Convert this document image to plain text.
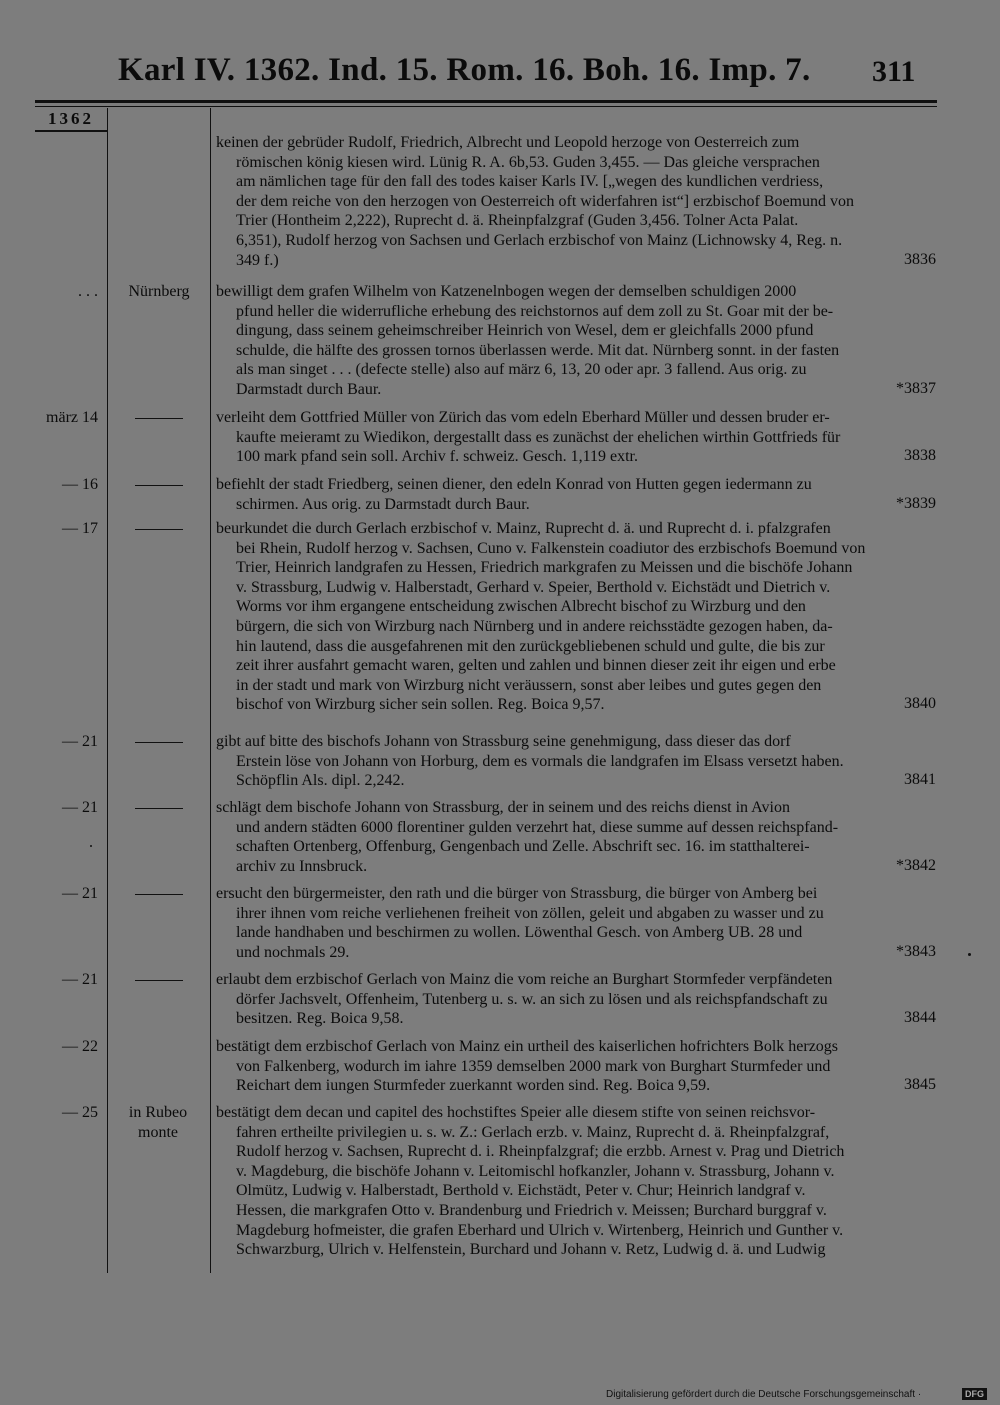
Karl IV. 1362. Ind. 15. Rom. 16. Boh. 16. Imp. 7. 311
1362
keinen der gebrüder Rudolf, Friedrich, Albrecht und Leopold herzoge von Oesterreich zum
römischen könig kiesen wird. Lünig R. A. 6b,53. Guden 3,455. — Das gleiche versprachen
am nämlichen tage für den fall des todes kaiser Karls IV. [„wegen des kundlichen verdriess,
der dem reiche von den herzogen von Oesterreich oft widerfahren ist“] erzbischof Boemund von
Trier (Hontheim 2,222), Ruprecht d. ä. Rheinpfalzgraf (Guden 3,456. Tolner Acta Palat.
6,351), Rudolf herzog von Sachsen und Gerlach erzbischof von Mainz (Lichnowsky 4, Reg. n.
349 f.)	3836
. . .	Nürnberg	bewilligt dem grafen Wilhelm von Katzenelnbogen wegen der demselben schuldigen 2000
pfund heller die widerrufliche erhebung des reichstornos auf dem zoll zu St. Goar mit der be-
dingung, dass seinem geheimschreiber Heinrich von Wesel, dem er gleichfalls 2000 pfund
schulde, die hälfte des grossen tornos überlassen werde. Mit dat. Nürnberg sonnt. in der fasten
als man singet . . . (defecte stelle) also auf märz 6, 13, 20 oder apr. 3 fallend. Aus orig. zu
Darmstadt durch Baur.	*3837
märz 14	verleiht dem Gottfried Müller von Zürich das vom edeln Eberhard Müller und dessen bruder er-
kaufte meieramt zu Wiedikon, dergestallt dass es zunächst der ehelichen wirthin Gottfrieds für
100 mark pfand sein soll. Archiv f. schweiz. Gesch. 1,119 extr.	3838
— 16	befiehlt der stadt Friedberg, seinen diener, den edeln Konrad von Hutten gegen iedermann zu
schirmen. Aus orig. zu Darmstadt durch Baur.	*3839
— 17	beurkundet die durch Gerlach erzbischof v. Mainz, Ruprecht d. ä. und Ruprecht d. i. pfalzgrafen
bei Rhein, Rudolf herzog v. Sachsen, Cuno v. Falkenstein coadiutor des erzbischofs Boemund von
Trier, Heinrich landgrafen zu Hessen, Friedrich markgrafen zu Meissen und die bischöfe Johann
v. Strassburg, Ludwig v. Halberstadt, Gerhard v. Speier, Berthold v. Eichstädt und Dietrich v.
Worms vor ihm ergangene entscheidung zwischen Albrecht bischof zu Wirzburg und den
bürgern, die sich von Wirzburg nach Nürnberg und in andere reichsstädte gezogen haben, da-
hin lautend, dass die ausgefahrenen mit den zurückgebliebenen schuld und gulte, die bis zur
zeit ihrer ausfahrt gemacht waren, gelten und zahlen und binnen dieser zeit ihr eigen und erbe
in der stadt und mark von Wirzburg nicht veräussern, sonst aber leibes und gutes gegen den
bischof von Wirzburg sicher sein sollen. Reg. Boica 9,57.	3840
— 21	gibt auf bitte des bischofs Johann von Strassburg seine genehmigung, dass dieser das dorf
Erstein löse von Johann von Horburg, dem es vormals die landgrafen im Elsass versetzt haben.
Schöpflin Als. dipl. 2,242.	3841
— 21	schlägt dem bischofe Johann von Strassburg, der in seinem und des reichs dienst in Avion
und andern städten 6000 florentiner gulden verzehrt hat, diese summe auf dessen reichspfand-
schaften Ortenberg, Offenburg, Gengenbach und Zelle. Abschrift sec. 16. im statthalterei-
archiv zu Innsbruck.	*3842
— 21	ersucht den bürgermeister, den rath und die bürger von Strassburg, die bürger von Amberg bei
ihrer ihnen vom reiche verliehenen freiheit von zöllen, geleit und abgaben zu wasser und zu
lande handhaben und beschirmen zu wollen. Löwenthal Gesch. von Amberg UB. 28 und
und nochmals 29.	*3843
— 21	erlaubt dem erzbischof Gerlach von Mainz die vom reiche an Burghart Stormfeder verpfändeten
dörfer Jachsvelt, Offenheim, Tutenberg u. s. w. an sich zu lösen und als reichspfandschaft zu
besitzen. Reg. Boica 9,58.	3844
— 22	bestätigt dem erzbischof Gerlach von Mainz ein urtheil des kaiserlichen hofrichters Bolk herzogs
von Falkenberg, wodurch im iahre 1359 demselben 2000 mark von Burghart Sturmfeder und
Reichart dem iungen Sturmfeder zuerkannt worden sind. Reg. Boica 9,59.	3845
— 25	in Rubeo monte
bestätigt dem decan und capitel des hochstiftes Speier alle diesem stifte von seinen reichsvor-
fahren ertheilte privilegien u. s. w. Z.: Gerlach erzb. v. Mainz, Ruprecht d. ä. Rheinpfalzgraf,
Rudolf herzog v. Sachsen, Ruprecht d. i. Rheinpfalzgraf; die erzbb. Arnest v. Prag und Dietrich
v. Magdeburg, die bischöfe Johann v. Leitomischl hofkanzler, Johann v. Strassburg, Johann v.
Olmütz, Ludwig v. Halberstadt, Berthold v. Eichstädt, Peter v. Chur; Heinrich landgraf v.
Hessen, die markgrafen Otto v. Brandenburg und Friedrich v. Meissen; Burchard burggraf v.
Magdeburg hofmeister, die grafen Eberhard und Ulrich v. Wirtenberg, Heinrich und Gunther v.
Schwarzburg, Ulrich v. Helfenstein, Burchard und Johann v. Retz, Ludwig d. ä. und Ludwig
Digitalisierung gefördert durch die Deutsche Forschungsgemeinschaft ·	DFG
